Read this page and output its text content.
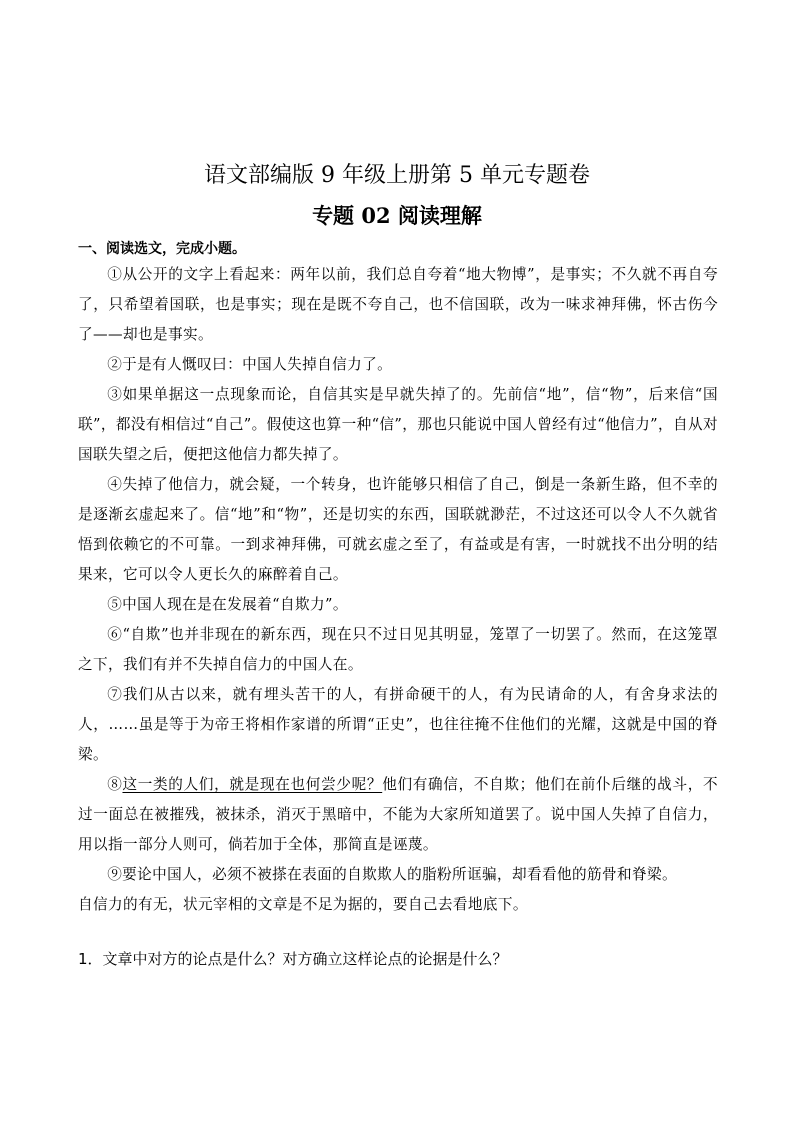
语文部编版 9 年级上册第 5 单元专题卷
专题 02 阅读理解
一、阅读选文，完成小题。

①从公开的文字上看起来：两年以前，我们总自夸着“地大物博”，是事实；不久就不再自夸了，只希望着国联，也是事实；现在是既不夸自己，也不信国联，改为一味求神拜佛，怀古伤今了——却也是事实。

②于是有人慨叹曰：中国人失掉自信力了。

③如果单据这一点现象而论，自信其实是早就失掉了的。先前信“地”，信“物”，后来信“国联”，都没有相信过“自己”。假使这也算一种“信”，那也只能说中国人曾经有过“他信力”，自从对国联失望之后，便把这他信力都失掉了。

④失掉了他信力，就会疑，一个转身，也许能够只相信了自己，倒是一条新生路，但不幸的是逐渐玄虚起来了。信“地”和“物”，还是切实的东西，国联就渺茫，不过这还可以令人不久就省悟到依赖它的不可靠。一到求神拜佛，可就玄虚之至了，有益或是有害，一时就找不出分明的结果来，它可以令人更长久的麻醉着自己。

⑤中国人现在是在发展着“自欺力”。

⑥“自欺”也并非现在的新东西，现在只不过日见其明显，笼罩了一切罢了。然而，在这笼罩之下，我们有并不失掉自信力的中国人在。

⑦我们从古以来，就有埋头苦干的人，有拼命硬干的人，有为民请命的人，有舍身求法的人，……虽是等于为帝王将相作家谱的所谓“正史”，也往往掩不住他们的光耀，这就是中国的脊梁。

⑧这一类的人们，就是现在也何尝少呢？他们有确信，不自欺；他们在前仆后继的战斗，不过一面总在被摧残，被抹杀，消灭于黑暗中，不能为大家所知道罢了。说中国人失掉了自信力，用以指一部分人则可，倘若加于全体，那简直是诬蔑。

⑨要论中国人，必须不被搽在表面的自欺欺人的脂粉所诓骗，却看看他的筋骨和脊梁。

自信力的有无，状元宰相的文章是不足为据的，要自己去看地底下。

1．文章中对方的论点是什么？对方确立这样论点的论据是什么？
